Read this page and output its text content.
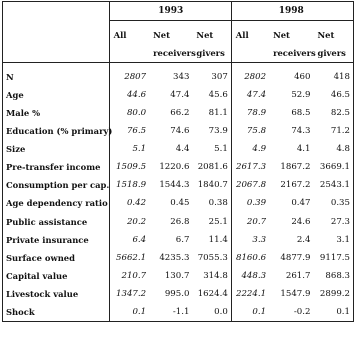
		1993			1998	

	All	Net	Net	All	Net	Net
		receivers	givers		receivers	givers

N	2807	343	307	2802	460	418
Age	44.6	47.4	45.6	47.4	52.9	46.5
Male %	80.0	66.2	81.1	78.9	68.5	82.5
Education (% primary)	76.5	74.6	73.9	75.8	74.3	71.2
Size	5.1	4.4	5.1	4.9	4.1	4.8
Pre-transfer income	1509.5	1220.6	2081.6	2617.3	1867.2	3669.1
Consumption per cap.	1518.9	1544.3	1840.7	2067.8	2167.2	2543.1
Age dependency ratio	0.42	0.45	0.38	0.39	0.47	0.35
Public assistance	20.2	26.8	25.1	20.7	24.6	27.3
Private insurance	6.4	6.7	11.4	3.3	2.4	3.1
Surface owned	5662.1	4235.3	7055.3	8160.6	4877.9	9117.5
Capital value	210.7	130.7	314.8	448.3	261.7	868.3
Livestock value	1347.2	995.0	1624.4	2224.1	1547.9	2899.2
Shock	0.1	-1.1	0.0	0.1	-0.2	0.1
